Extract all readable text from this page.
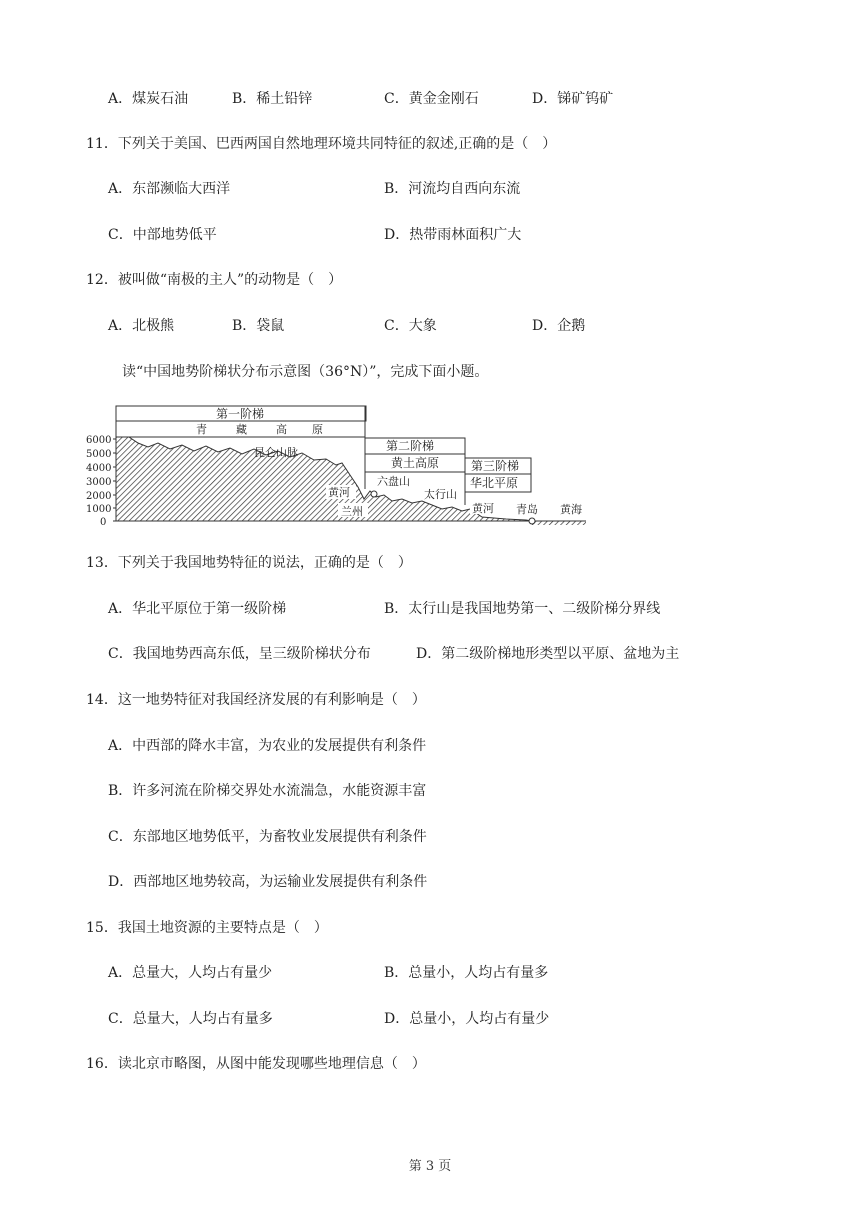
A．煤炭石油	B．稀土铅锌	C．黄金金刚石	D．锑矿钨矿
11．下列关于美国、巴西两国自然地理环境共同特征的叙述,正确的是（　）
A．东部濒临大西洋	B．河流均自西向东流
C．中部地势低平	D．热带雨林面积广大
12．被叫做“南极的主人”的动物是（　）
A．北极熊	B．袋鼠	C．大象	D．企鹅
读“中国地势阶梯状分布示意图（36°N）”，完成下面小题。
6000
5000
4000
3000
2000
1000
0
第一阶梯
青	藏	高 原
昆仑山脉	第二阶梯
黄土高原
六盘山
太行山
第三阶梯
华北平原
黄河
兰州	黄河 青岛 黄海
13．下列关于我国地势特征的说法，正确的是（　）
A．华北平原位于第一级阶梯	B．太行山是我国地势第一、二级阶梯分界线
C．我国地势西高东低，呈三级阶梯状分布	D．第二级阶梯地形类型以平原、盆地为主
14．这一地势特征对我国经济发展的有利影响是（　）
A．中西部的降水丰富，为农业的发展提供有利条件
B．许多河流在阶梯交界处水流湍急，水能资源丰富
C．东部地区地势低平，为畜牧业发展提供有利条件
D．西部地区地势较高，为运输业发展提供有利条件
15．我国土地资源的主要特点是（　）
A．总量大，人均占有量少	B．总量小，人均占有量多
C．总量大，人均占有量多	D．总量小，人均占有量少
16．读北京市略图，从图中能发现哪些地理信息（　）
第 3 页
